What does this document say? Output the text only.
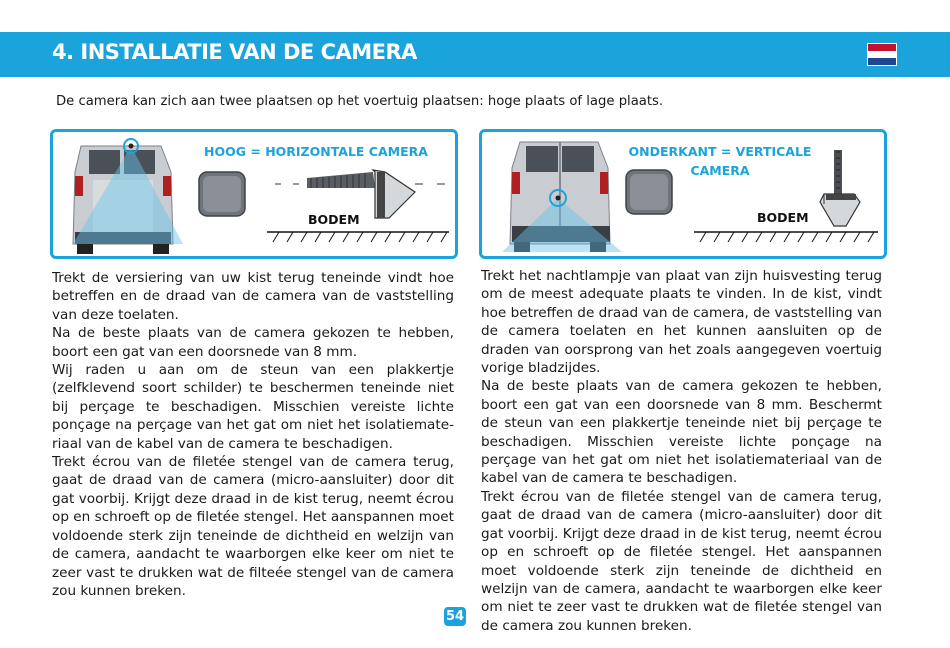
4. INSTALLATIE VAN DE CAMERA

De camera kan zich aan twee plaatsen op het voertuig plaatsen: hoge plaats of lage plaats.

HOOG = HORIZONTALE CAMERA
BODEM
ONDERKANT = VERTICALE
CAMERA
BODEM

Trekt de versiering van uw kist terug teneinde vindt hoe betreffen en de draad van de camera van de vaststelling van deze toelaten.

Na de beste plaats van de camera gekozen te hebben, boort een gat van een doorsnede van 8 mm.

Wij raden u aan om de steun van een plakkertje (zelfklevend soort schilder) te beschermen teneinde niet bij perçage te beschadigen. Misschien vereiste lichte ponçage na perçage van het gat om niet het isolatiemate-riaal van de kabel van de camera te beschadigen.

Trekt écrou van de filetée stengel van de camera terug, gaat de draad van de camera (micro-aansluiter) door dit gat voorbij. Krijgt deze draad in de kist terug, neemt écrou op en schroeft op de filetée stengel. Het aanspannen moet voldoende sterk zijn teneinde de dichtheid en welzijn van de camera, aandacht te waarborgen elke keer om niet te zeer vast te drukken wat de filteée stengel van de camera zou kunnen breken.

Trekt het nachtlampje van plaat van zijn huisvesting terug om de meest adequate plaats te vinden. In de kist, vindt hoe betreffen de draad van de camera, de vaststelling van de camera toelaten en het kunnen aansluiten op de draden van oorsprong van het zoals aangegeven voertuig vorige bladzijdes.

Na de beste plaats van de camera gekozen te hebben, boort een gat van een doorsnede van 8 mm. Beschermt de steun van een plakkertje teneinde niet bij perçage te beschadigen. Misschien vereiste lichte ponçage na perçage van het gat om niet het isolatiemateriaal van de kabel van de camera te beschadigen.

Trekt écrou van de filetée stengel van de camera terug, gaat de draad van de camera (micro-aansluiter) door dit gat voorbij. Krijgt deze draad in de kist terug, neemt écrou op en schroeft op de filetée stengel. Het aanspannen moet voldoende sterk zijn teneinde de dichtheid en welzijn van de camera, aandacht te waarborgen elke keer om niet te zeer vast te drukken wat de filetée stengel van de camera zou kunnen breken.

54
